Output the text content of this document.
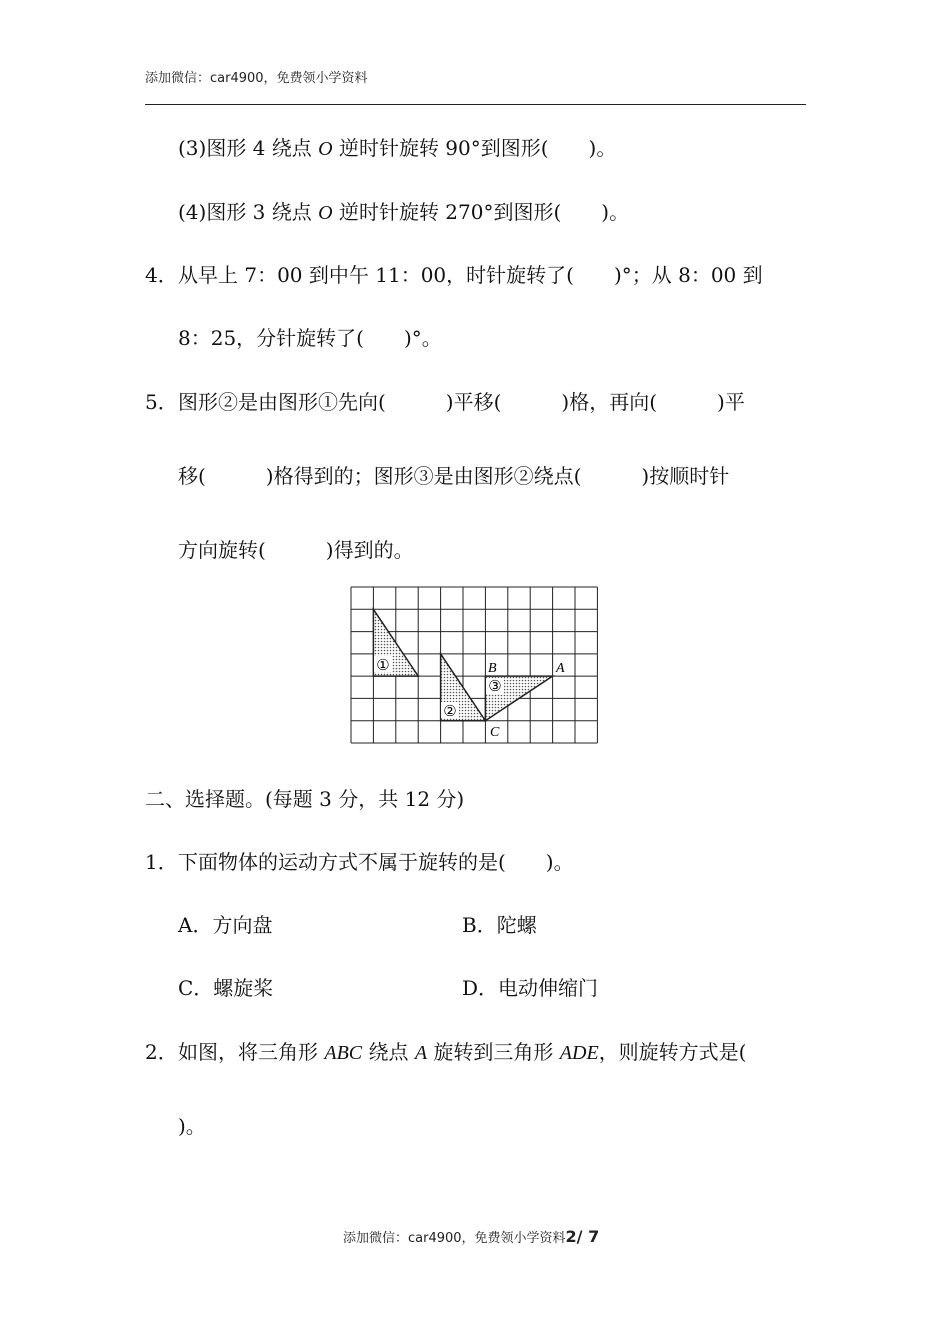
添加微信：car4900，免费领小学资料
(3)图形 4 绕点 O 逆时针旋转 90°到图形(　　)。
(4)图形 3 绕点 O 逆时针旋转 270°到图形(　　)。
4． 从早上 7：00 到中午 11：00，时针旋转了(　　)°；从 8：00 到
8：25，分针旋转了(　　)°。
5． 图形②是由图形①先向(　　　)平移(　　　)格，再向(　　　)平
移(　　　)格得到的；图形③是由图形②绕点(　　　)按顺时针
方向旋转(　　　)得到的。
①
②
③
B	A
C
二、选择题。(每题 3 分，共 12 分)
1． 下面物体的运动方式不属于旋转的是(　　)。
A．方向盘	B．陀螺
C．螺旋桨	D．电动伸缩门
2． 如图，将三角形 ABC 绕点 A 旋转到三角形 ADE，则旋转方式是(
)。
添加微信：car4900，免费领小学资料2/ 7
